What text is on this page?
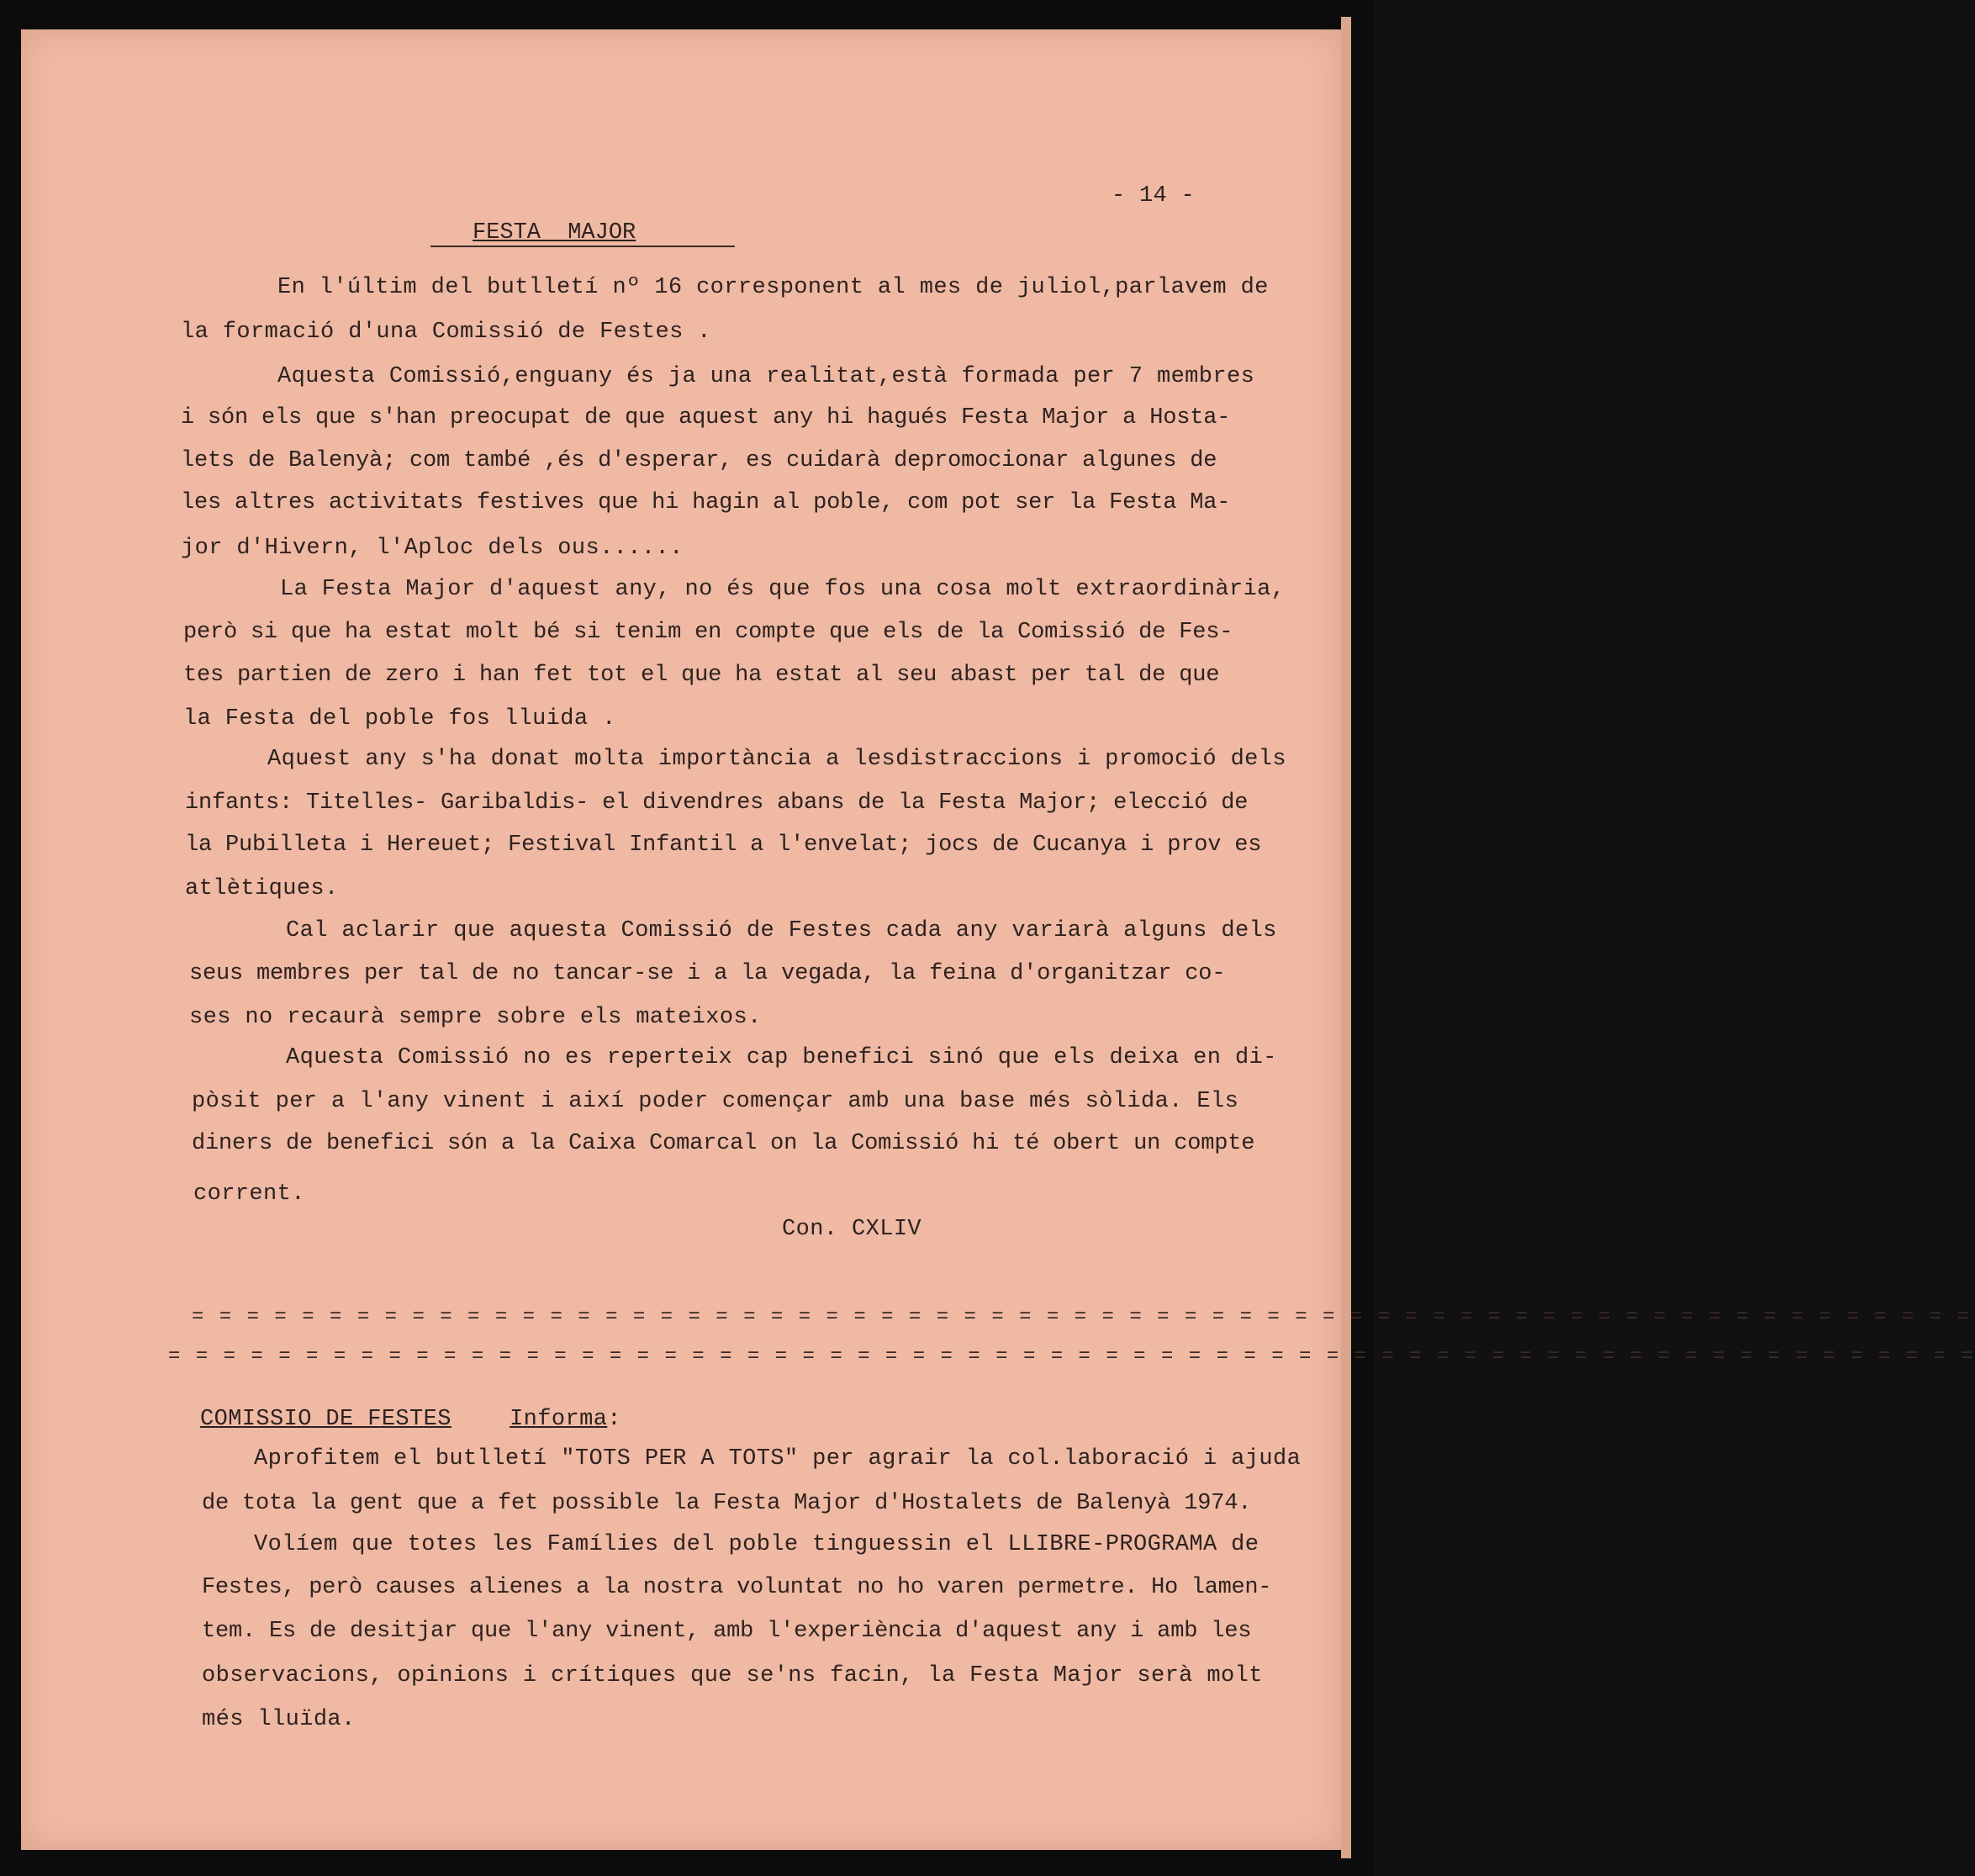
- 14 -
FESTA MAJOR
En l'últim del butlletí nº 16 corresponent al mes de juliol,parlavem de
la formació d'una Comissió de Festes .
Aquesta Comissió,enguany és ja una realitat,està formada per 7 membres
i són els que s'han preocupat de que aquest any hi hagués Festa Major a Hosta-
lets de Balenyà; com també ,és d'esperar, es cuidarà depromocionar algunes de
les altres activitats festives que hi hagin al poble, com pot ser la Festa Ma-
jor d'Hivern, l'Aploc dels ous......
La Festa Major d'aquest any, no és que fos una cosa molt extraordinària,
però si que ha estat molt bé si tenim en compte que els de la Comissió de Fes-
tes partien de zero i han fet tot el que ha estat al seu abast per tal de que
la Festa del poble fos lluida .
Aquest any s'ha donat molta importància a lesdistraccions i promoció dels
infants: Titelles- Garibaldis- el divendres abans de la Festa Major; elecció de
la Pubilleta i Hereuet; Festival Infantil a l'envelat; jocs de Cucanya i prov es
atlètiques.
Cal aclarir que aquesta Comissió de Festes cada any variarà alguns dels
seus membres per tal de no tancar-se i a la vegada, la feina d'organitzar co-
ses no recaurà sempre sobre els mateixos.
Aquesta Comissió no es reperteix cap benefici sinó que els deixa en di-
pòsit per a l'any vinent i així poder començar amb una base més sòlida. Els
diners de benefici són a la Caixa Comarcal on la Comissió hi té obert un compte
corrent.
Con. CXLIV
= = = = = = = = = = = = = = = = = = = = = = = = = = = = = = = = = = = = = = = = = = = = = = = = = = = = = = = = = = = = = = = = =
= = = = = = = = = = = = = = = = = = = = = = = = = = = = = = = = = = = = = = = = = = = = = = = = = = = = = = = = = = = = = = = = = =
COMISSIO DE FESTES	Informa:
Aprofitem el butlletí "TOTS PER A TOTS" per agrair la col.laboració i ajuda
de tota la gent que a fet possible la Festa Major d'Hostalets de Balenyà 1974.
Volíem que totes les Famílies del poble tinguessin el LLIBRE-PROGRAMA de
Festes, però causes alienes a la nostra voluntat no ho varen permetre. Ho lamen-
tem. Es de desitjar que l'any vinent, amb l'experiència d'aquest any i amb les
observacions, opinions i crítiques que se'ns facin, la Festa Major serà molt
més lluïda.
